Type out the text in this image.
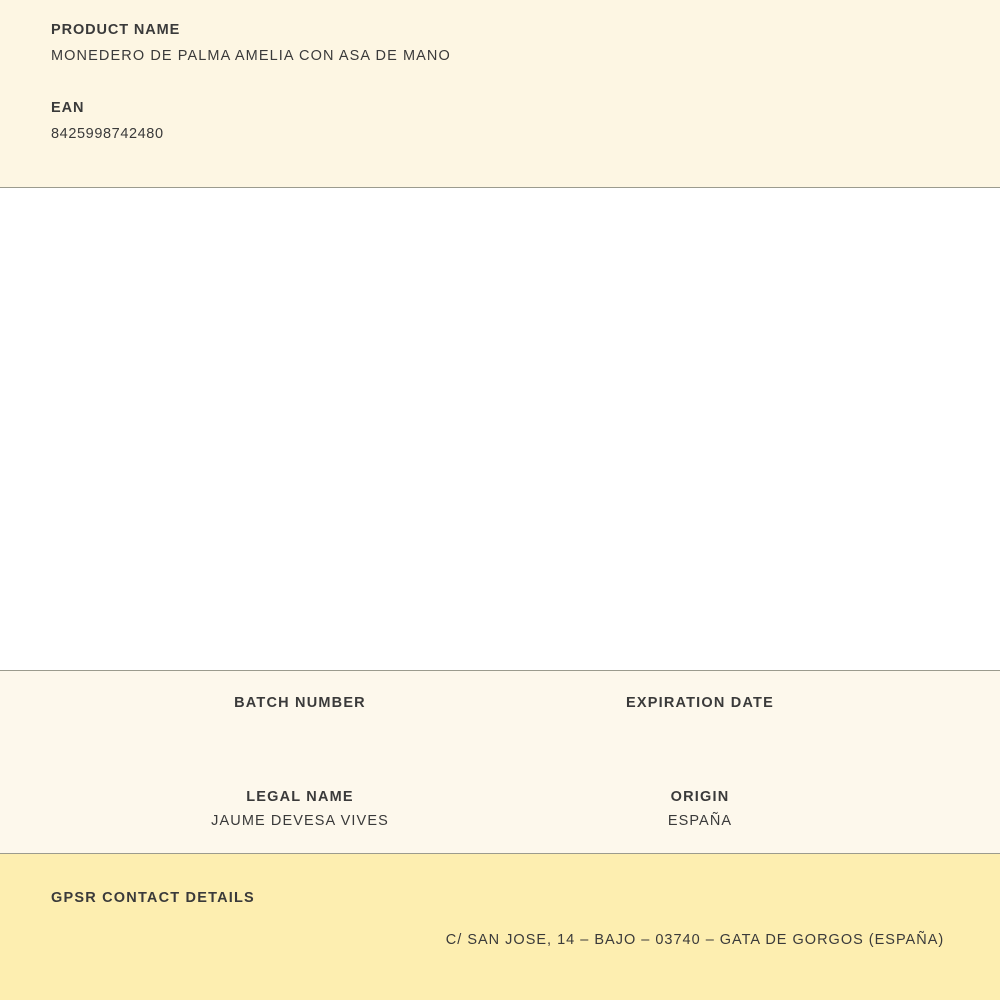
PRODUCT NAME

MONEDERO DE PALMA AMELIA CON ASA DE MANO

EAN

8425998742480

BATCH NUMBER	EXPIRATION DATE

LEGAL NAME

JAUME DEVESA VIVES

ORIGIN

ESPAÑA

GPSR CONTACT DETAILS

C/ SAN JOSE, 14 – BAJO – 03740 – GATA DE GORGOS (ESPAÑA)
